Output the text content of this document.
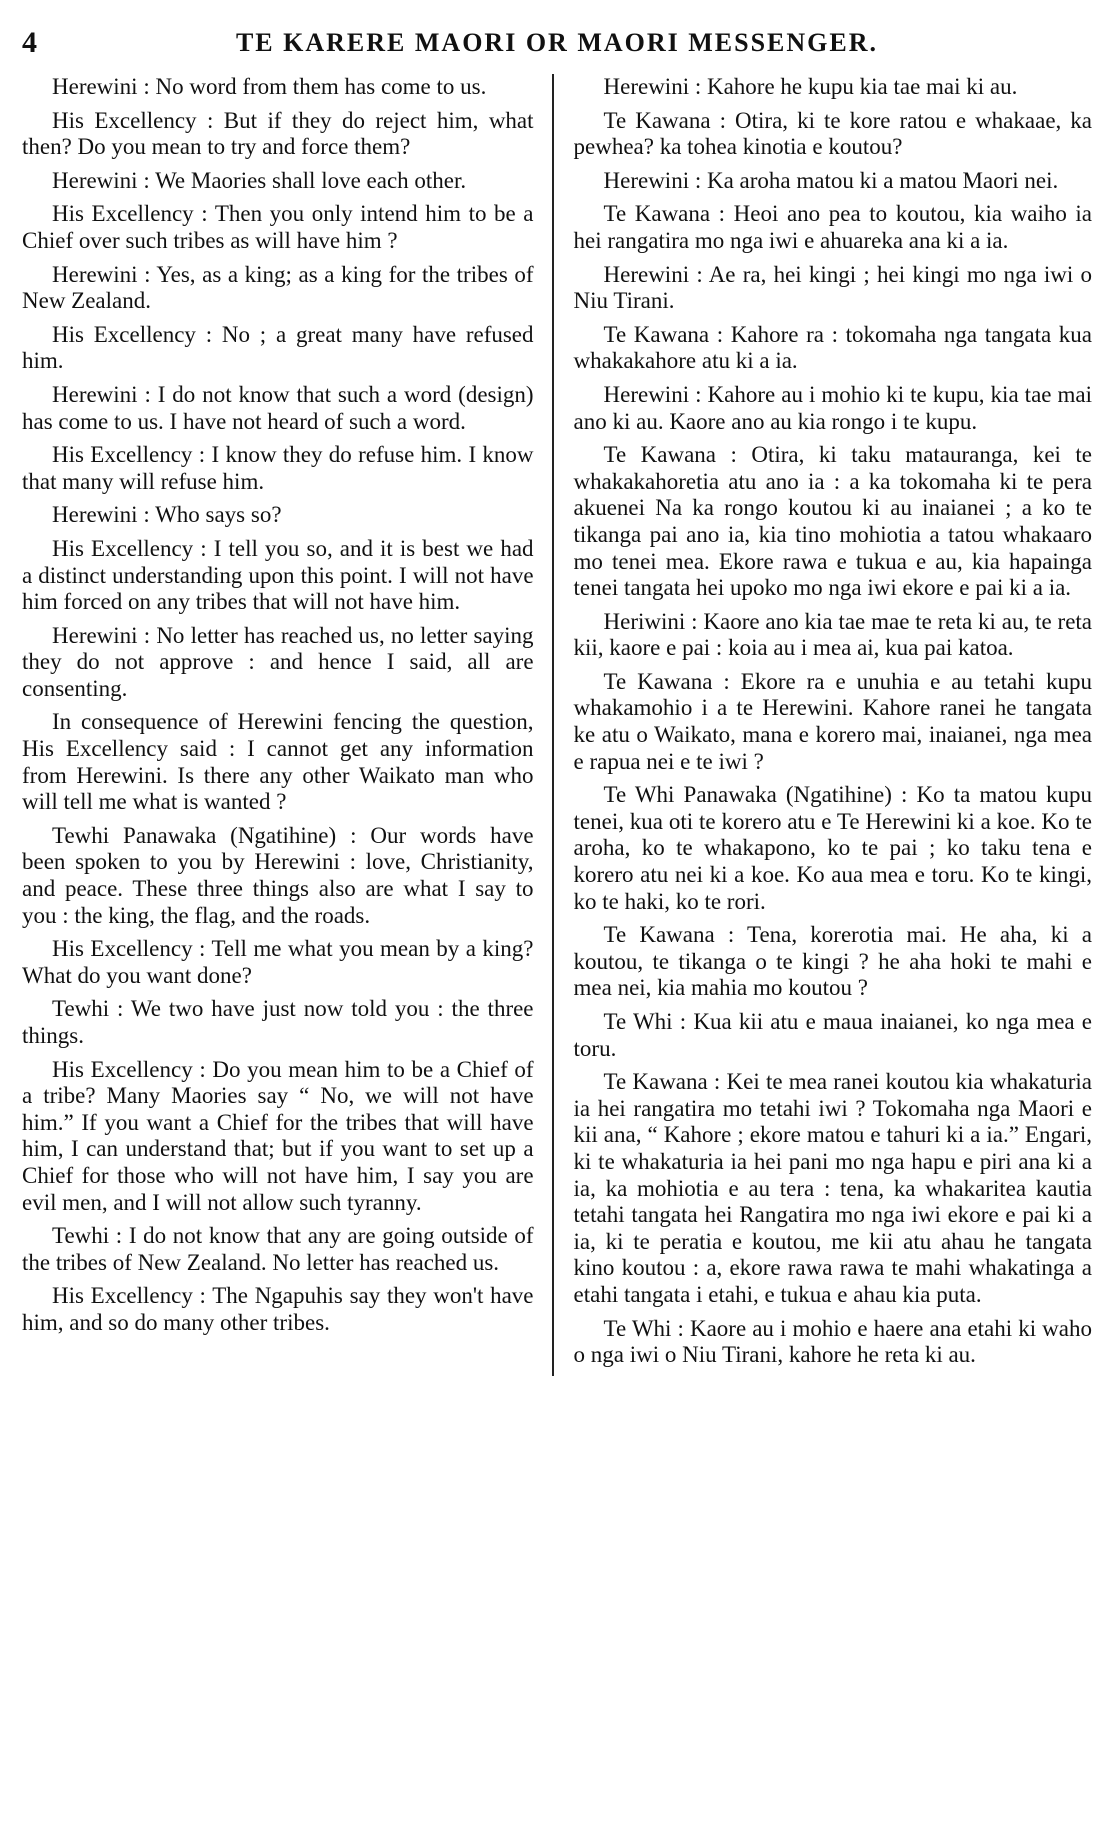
4	TE KARERE MAORI OR MAORI MESSENGER.

Herewini : No word from them has come to us.

His Excellency : But if they do reject him, what then? Do you mean to try and force them?

Herewini : We Maories shall love each other.

His Excellency : Then you only intend him to be a Chief over such tribes as will have him ?

Herewini : Yes, as a king; as a king for the tribes of New Zealand.

His Excellency : No ; a great many have refused him.

Herewini : I do not know that such a word (design) has come to us. I have not heard of such a word.

His Excellency : I know they do refuse him. I know that many will refuse him.

Herewini : Who says so?

His Excellency : I tell you so, and it is best we had a distinct understanding upon this point. I will not have him forced on any tribes that will not have him.

Herewini : No letter has reached us, no letter saying they do not approve : and hence I said, all are consenting.

In consequence of Herewini fencing the question, His Excellency said : I cannot get any information from Herewini. Is there any other Waikato man who will tell me what is wanted ?

Tewhi Panawaka (Ngatihine) : Our words have been spoken to you by Herewini : love, Christianity, and peace. These three things also are what I say to you : the king, the flag, and the roads.

His Excellency : Tell me what you mean by a king? What do you want done?

Tewhi : We two have just now told you : the three things.

His Excellency : Do you mean him to be a Chief of a tribe? Many Maories say “ No, we will not have him.” If you want a Chief for the tribes that will have him, I can understand that; but if you want to set up a Chief for those who will not have him, I say you are evil men, and I will not allow such tyranny.

Tewhi : I do not know that any are going outside of the tribes of New Zealand. No letter has reached us.

His Excellency : The Ngapuhis say they won't have him, and so do many other tribes.

Herewini : Kahore he kupu kia tae mai ki au.

Te Kawana : Otira, ki te kore ratou e whakaae, ka pewhea? ka tohea kinotia e koutou?

Herewini : Ka aroha matou ki a matou Maori nei.

Te Kawana : Heoi ano pea to koutou, kia waiho ia hei rangatira mo nga iwi e ahuareka ana ki a ia.

Herewini : Ae ra, hei kingi ; hei kingi mo nga iwi o Niu Tirani.

Te Kawana : Kahore ra : tokomaha nga tangata kua whakakahore atu ki a ia.

Herewini : Kahore au i mohio ki te kupu, kia tae mai ano ki au. Kaore ano au kia rongo i te kupu.

Te Kawana : Otira, ki taku matauranga, kei te whakakahoretia atu ano ia : a ka tokomaha ki te pera akuenei Na ka rongo koutou ki au inaianei ; a ko te tikanga pai ano ia, kia tino mohiotia a tatou whakaaro mo tenei mea. Ekore rawa e tukua e au, kia hapainga tenei tangata hei upoko mo nga iwi ekore e pai ki a ia.

Heriwini : Kaore ano kia tae mae te reta ki au, te reta kii, kaore e pai : koia au i mea ai, kua pai katoa.

Te Kawana : Ekore ra e unuhia e au tetahi kupu whakamohio i a te Herewini. Kahore ranei he tangata ke atu o Waikato, mana e korero mai, inaianei, nga mea e rapua nei e te iwi ?

Te Whi Panawaka (Ngatihine) : Ko ta matou kupu tenei, kua oti te korero atu e Te Herewini ki a koe. Ko te aroha, ko te whakapono, ko te pai ; ko taku tena e korero atu nei ki a koe. Ko aua mea e toru. Ko te kingi, ko te haki, ko te rori.

Te Kawana : Tena, korerotia mai. He aha, ki a koutou, te tikanga o te kingi ? he aha hoki te mahi e mea nei, kia mahia mo koutou ?

Te Whi : Kua kii atu e maua inaianei, ko nga mea e toru.

Te Kawana : Kei te mea ranei koutou kia whakaturia ia hei rangatira mo tetahi iwi ? Tokomaha nga Maori e kii ana, “ Kahore ; ekore matou e tahuri ki a ia.” Engari, ki te whakaturia ia hei pani mo nga hapu e piri ana ki a ia, ka mohiotia e au tera : tena, ka whakaritea kautia tetahi tangata hei Rangatira mo nga iwi ekore e pai ki a ia, ki te peratia e koutou, me kii atu ahau he tangata kino koutou : a, ekore rawa rawa te mahi whakatinga a etahi tangata i etahi, e tukua e ahau kia puta.

Te Whi : Kaore au i mohio e haere ana etahi ki waho o nga iwi o Niu Tirani, kahore he reta ki au.
